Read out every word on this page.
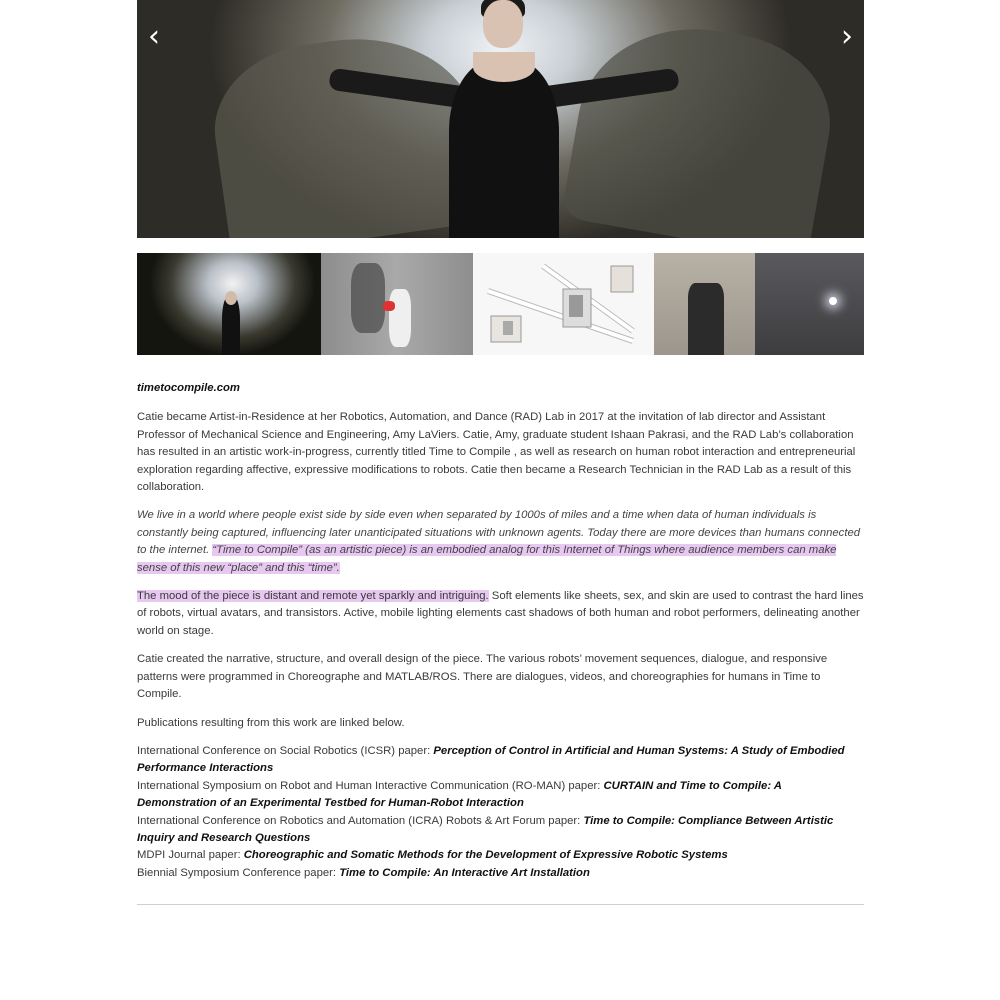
‹	›
timetocompile.com

Catie became Artist-in-Residence at her Robotics, Automation, and Dance (RAD) Lab in 2017 at the invitation of lab director and Assistant Professor of Mechanical Science and Engineering, Amy LaViers. Catie, Amy, graduate student Ishaan Pakrasi, and the RAD Lab’s collaboration has resulted in an artistic work-in-progress, currently titled Time to Compile , as well as research on human robot interaction and entrepreneurial exploration regarding affective, expressive modifications to robots. Catie then became a Research Technician in the RAD Lab as a result of this collaboration.

We live in a world where people exist side by side even when separated by 1000s of miles and a time when data of human individuals is constantly being captured, influencing later unanticipated situations with unknown agents. Today there are more devices than humans connected to the internet. “Time to Compile” (as an artistic piece) is an embodied analog for this Internet of Things where audience members can make sense of this new “place” and this “time”.

The mood of the piece is distant and remote yet sparkly and intriguing. Soft elements like sheets, sex, and skin are used to contrast the hard lines of robots, virtual avatars, and transistors. Active, mobile lighting elements cast shadows of both human and robot performers, delineating another world on stage.

Catie created the narrative, structure, and overall design of the piece. The various robots’ movement sequences, dialogue, and responsive patterns were programmed in Choreographe and MATLAB/ROS. There are dialogues, videos, and choreographies for humans in Time to Compile.

Publications resulting from this work are linked below.

International Conference on Social Robotics (ICSR) paper: Perception of Control in Artificial and Human Systems: A Study of Embodied Performance Interactions
International Symposium on Robot and Human Interactive Communication (RO-MAN) paper: CURTAIN and Time to Compile: A Demonstration of an Experimental Testbed for Human-Robot Interaction
International Conference on Robotics and Automation (ICRA) Robots & Art Forum paper: Time to Compile: Compliance Between Artistic Inquiry and Research Questions
MDPI Journal paper: Choreographic and Somatic Methods for the Development of Expressive Robotic Systems
Biennial Symposium Conference paper: Time to Compile: An Interactive Art Installation
